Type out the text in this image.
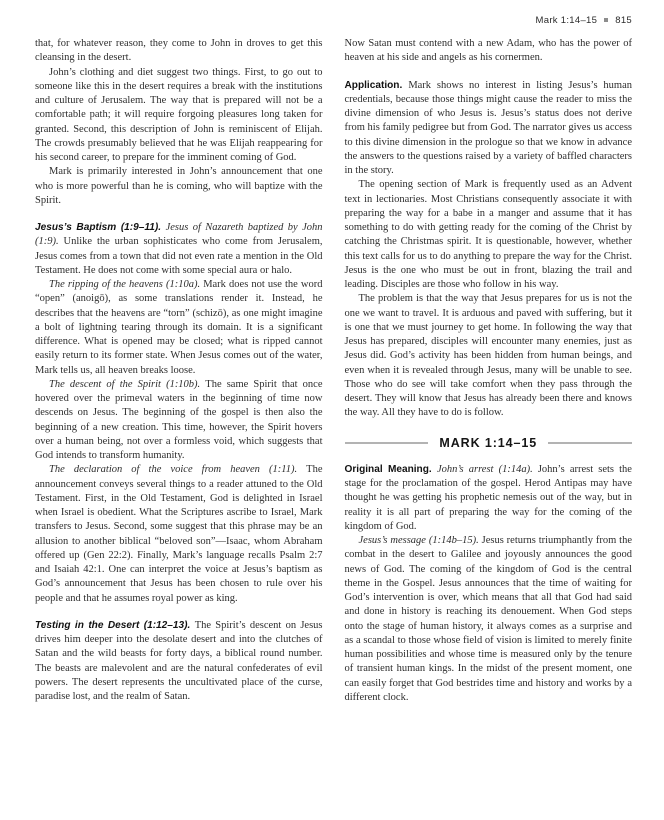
Mark 1:14–15 815

that, for whatever reason, they come to John in droves to get this cleansing in the desert.

John’s clothing and diet suggest two things. First, to go out to someone like this in the desert requires a break with the institutions and culture of Jerusalem. The way that is prepared will not be a comfortable path; it will require forgoing pleasures long taken for granted. Second, this description of John is reminiscent of Elijah. The crowds presumably believed that he was Elijah reappearing for his second career, to prepare for the imminent coming of God.

Mark is primarily interested in John’s announcement that one who is more powerful than he is coming, who will baptize with the Spirit.

Jesus’s Baptism (1:9–11). Jesus of Nazareth baptized by John (1:9). Unlike the urban sophisticates who come from Jerusalem, Jesus comes from a town that did not even rate a mention in the Old Testament. He does not come with some special aura or halo.

The ripping of the heavens (1:10a). Mark does not use the word “open” (anoigō), as some translations render it. Instead, he describes that the heavens are “torn” (schizō), as one might imagine a bolt of lightning tearing through its domain. It is a significant difference. What is opened may be closed; what is ripped cannot easily return to its former state. When Jesus comes out of the water, Mark tells us, all heaven breaks loose.

The descent of the Spirit (1:10b). The same Spirit that once hovered over the primeval waters in the beginning of time now descends on Jesus. The beginning of the gospel is then also the beginning of a new creation. This time, however, the Spirit hovers over a human being, not over a formless void, which suggests that God intends to transform humanity.

The declaration of the voice from heaven (1:11). The announcement conveys several things to a reader attuned to the Old Testament. First, in the Old Testament, God is delighted in Israel when Israel is obedient. What the Scriptures ascribe to Israel, Mark transfers to Jesus. Second, some suggest that this phrase may be an allusion to another biblical “beloved son”—Isaac, whom Abraham offered up (Gen 22:2). Finally, Mark’s language recalls Psalm 2:7 and Isaiah 42:1. One can interpret the voice at Jesus’s baptism as God’s announcement that Jesus has been chosen to rule over his people and that he assumes royal power as king.

Testing in the Desert (1:12–13). The Spirit’s descent on Jesus drives him deeper into the desolate desert and into the clutches of Satan and the wild beasts for forty days, a biblical round number. The beasts are malevolent and are the natural confederates of evil powers. The desert represents the uncultivated place of the curse, paradise lost, and the realm of Satan.

Now Satan must contend with a new Adam, who has the power of heaven at his side and angels as his cornermen.

Application. Mark shows no interest in listing Jesus’s human credentials, because those things might cause the reader to miss the divine dimension of who Jesus is. Jesus’s status does not derive from his family pedigree but from God. The narrator gives us access to this divine dimension in the prologue so that we know in advance the answers to the questions raised by a variety of baffled characters in the story.

The opening section of Mark is frequently used as an Advent text in lectionaries. Most Christians consequently associate it with preparing the way for a babe in a manger and assume that it has something to do with getting ready for the coming of the Christ by catching the Christmas spirit. It is questionable, however, whether this text calls for us to do anything to prepare the way for the Christ. Jesus is the one who must be out in front, blazing the trail and leading. Disciples are those who follow in his way.

The problem is that the way that Jesus prepares for us is not the one we want to travel. It is arduous and paved with suffering, but it is one that we must journey to get home. In following the way that Jesus has prepared, disciples will encounter many enemies, just as Jesus did. God’s activity has been hidden from human beings, and even when it is revealed through Jesus, many will be unable to see. Those who do see will take comfort when they pass through the desert. They will know that Jesus has already been there and knows the way. All they have to do is follow.

MARK 1:14–15

Original Meaning. John’s arrest (1:14a). John’s arrest sets the stage for the proclamation of the gospel. Herod Antipas may have thought he was getting his prophetic nemesis out of the way, but in reality it is all part of preparing the way for the coming of the kingdom of God.

Jesus’s message (1:14b–15). Jesus returns triumphantly from the combat in the desert to Galilee and joyously announces the good news of God. The coming of the kingdom of God is the central theme in the Gospel. Jesus announces that the time of waiting for God’s intervention is over, which means that all that God had said and done in history is reaching its denouement. When God steps onto the stage of human history, it always comes as a surprise and as a scandal to those whose field of vision is limited to merely finite human possibilities and whose time is measured only by the tenure of transient human kings. In the midst of the present moment, one can easily forget that God bestrides time and history and works by a different clock.
